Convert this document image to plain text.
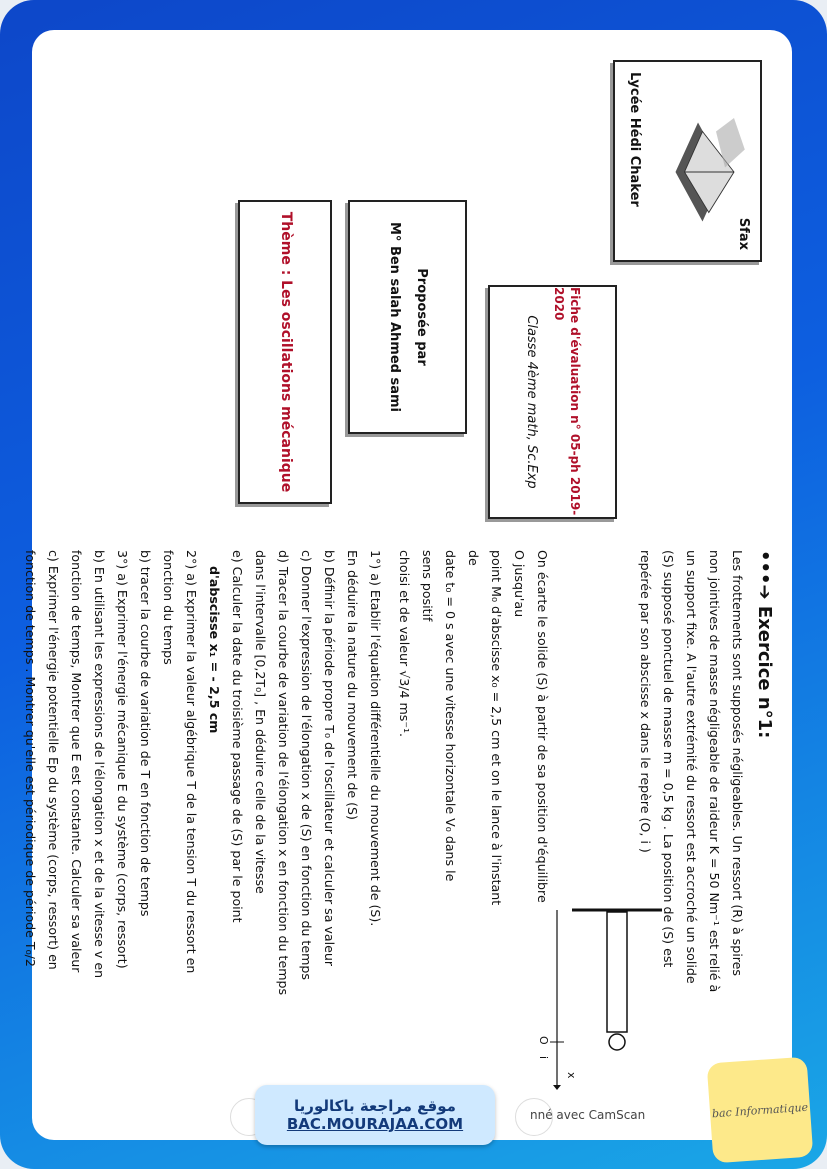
Sfax
Lycée Hédi Chaker
Fiche d'évaluation n° 05-ph 2019-2020
Classe 4ème math, Sc.Exp
Proposée par
M° Ben salah Ahmed sami
Thème : Les oscillations mécanique

•••➔ Exercice n°1:

Les frottements sont supposés négligeables. Un ressort (R) à spires

non jointives de masse négligeable de raideur K = 50 Nm⁻¹ est relié à

un support fixe. A l'autre extrémité du ressort est accroché un solide

(S) supposé ponctuel de masse m = 0,5 kg . La position de (S) est

repérée par son abscisse x dans le repère (O, i )

On écarte le solide (S) à partir de sa position d'équilibre O jusqu'au

point M₀ d'abscisse x₀ = 2,5 cm et on le lance à l'instant de

date t₀ = 0 s avec une vitesse horizontale V₀ dans le sens positif

choisi et de valeur √3/4 ms⁻¹.

1°) a) Etablir l'équation différentielle du mouvement de (S).

En déduire la nature du mouvement de (S)

b) Définir la période propre T₀ de l'oscillateur et calculer sa valeur

c) Donner l'expression de l'élongation x de (S) en fonction du temps

d) Tracer la courbe de variation de l'élongation x en fonction du temps

dans l'intervalle [0,2T₀] , En déduire celle de la vitesse

e) Calculer la date du troisième passage de (S) par le point

d'abscisse x₁ = - 2,5 cm

2°) a) Exprimer la valeur algébrique T de la tension T du ressort en

fonction du temps

b) tracer la courbe de variation de T en fonction de temps

3°) a) Exprimer l'énergie mécanique E du système (corps, ressort)

b) En utilisant les expressions de l'élongation x et de la vitesse v en

fonction de temps, Montrer que E est constante. Calculer sa valeur

c) Exprimer l'énergie potentielle Ep du système (corps, ressort) en

fonction de temps . Montrer qu'elle est périodique de période T₀/2

O
i
x
موقع مراجعة باكالوريا
BAC.MOURAJAA.COM	nné avec CamScan	bac Informatique
